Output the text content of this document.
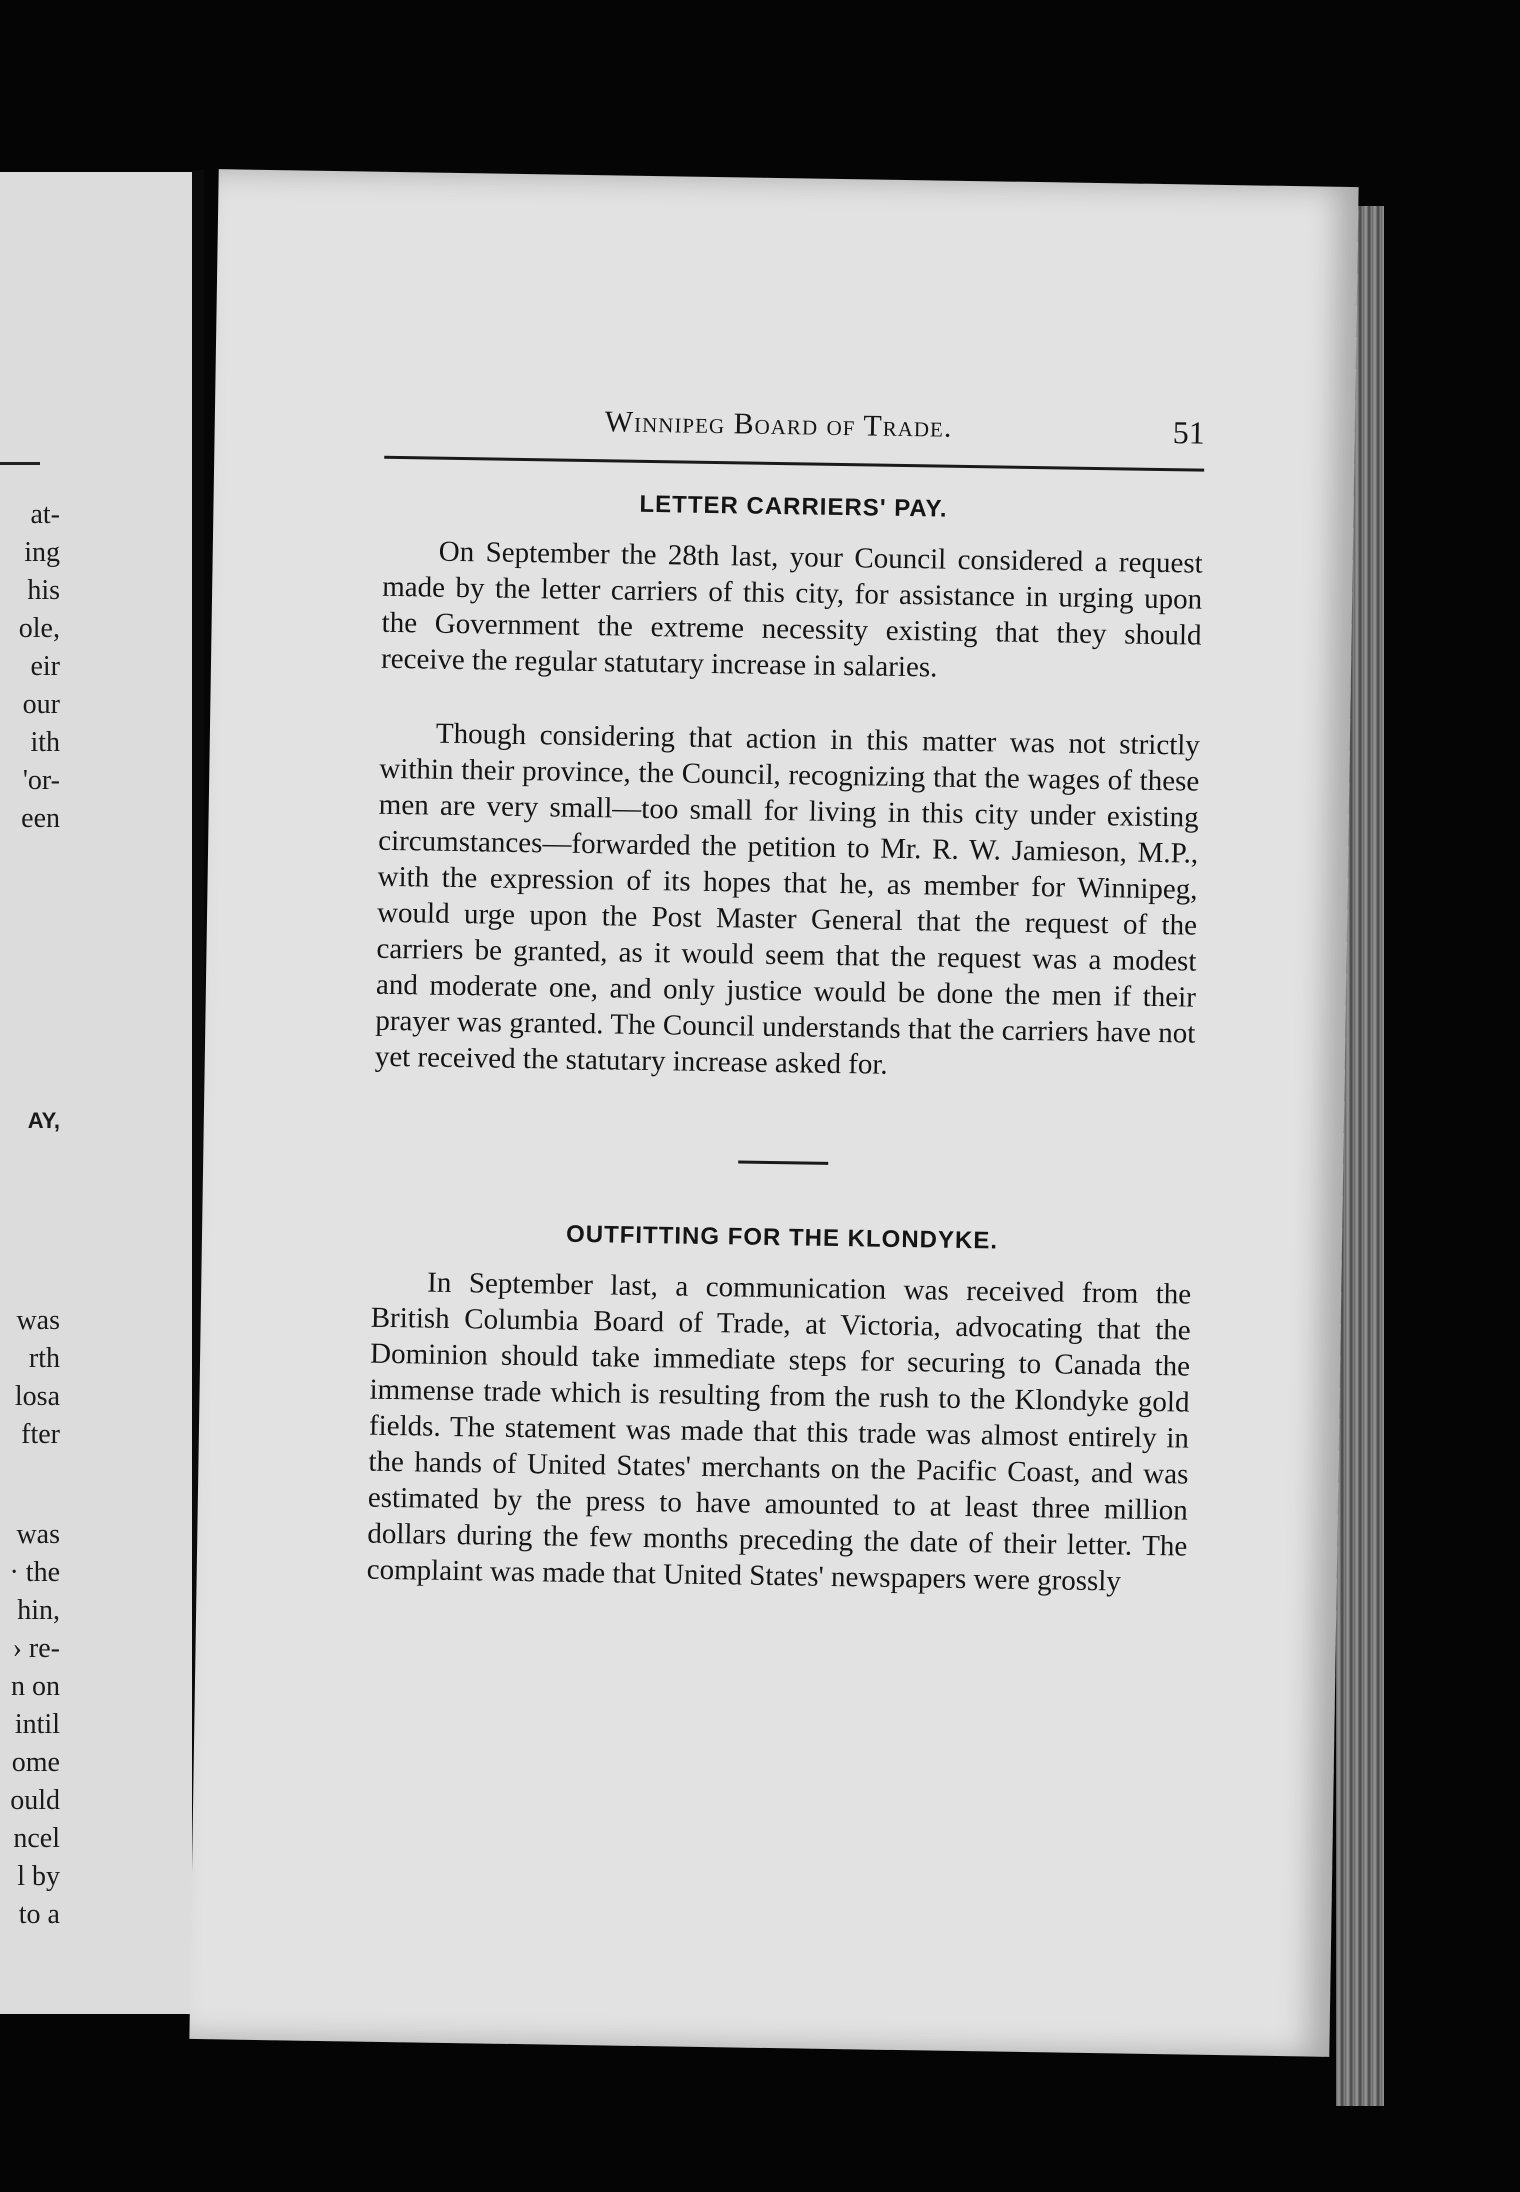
at-
ing
his
ole,
eir
our
ith
'or-
een
AY,
was
rth
losa
fter
was
· the
hin,
› re-
n on
intil
ome
ould
ncel
l by
to a
Winnipeg Board of Trade.	51
LETTER CARRIERS' PAY.

On September the 28th last, your Council considered a request made by the letter carriers of this city, for assistance in urging upon the Government the extreme necessity existing that they should receive the regular statutary increase in salaries.

Though considering that action in this matter was not strictly within their province, the Council, recognizing that the wages of these men are very small—too small for living in this city under existing circumstances—forwarded the petition to Mr. R. W. Jamieson, M.P., with the expression of its hopes that he, as member for Winnipeg, would urge upon the Post Master General that the request of the carriers be granted, as it would seem that the request was a modest and moderate one, and only justice would be done the men if their prayer was granted. The Council understands that the carriers have not yet received the statutary increase asked for.

OUTFITTING FOR THE KLONDYKE.

In September last, a communication was received from the British Columbia Board of Trade, at Victoria, advocating that the Dominion should take immediate steps for securing to Canada the immense trade which is resulting from the rush to the Klondyke gold fields. The statement was made that this trade was almost entirely in the hands of United States' merchants on the Pacific Coast, and was estimated by the press to have amounted to at least three million dollars during the few months preceding the date of their letter. The complaint was made that United States' newspapers were grossly
